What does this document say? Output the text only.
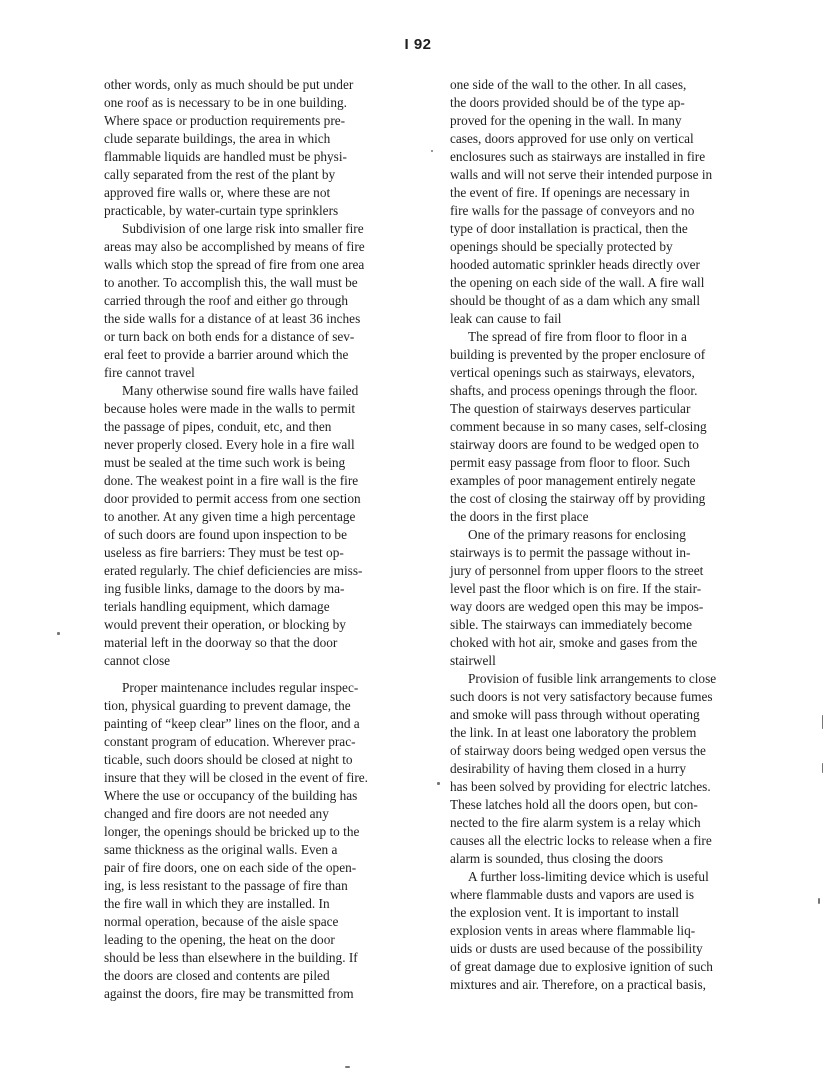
I 92
other words, only as much should be put under
one roof as is necessary to be in one building.
Where space or production requirements pre-
clude separate buildings, the area in which
flammable liquids are handled must be physi-
cally separated from the rest of the plant by
approved fire walls or, where these are not
practicable, by water-curtain type sprinklers
Subdivision of one large risk into smaller fire
areas may also be accomplished by means of fire
walls which stop the spread of fire from one area
to another. To accomplish this, the wall must be
carried through the roof and either go through
the side walls for a distance of at least 36 inches
or turn back on both ends for a distance of sev-
eral feet to provide a barrier around which the
fire cannot travel
Many otherwise sound fire walls have failed
because holes were made in the walls to permit
the passage of pipes, conduit, etc, and then
never properly closed. Every hole in a fire wall
must be sealed at the time such work is being
done. The weakest point in a fire wall is the fire
door provided to permit access from one section
to another. At any given time a high percentage
of such doors are found upon inspection to be
useless as fire barriers: They must be test op-
erated regularly. The chief deficiencies are miss-
ing fusible links, damage to the doors by ma-
terials handling equipment, which damage
would prevent their operation, or blocking by
material left in the doorway so that the door
cannot close
Proper maintenance includes regular inspec-
tion, physical guarding to prevent damage, the
painting of “keep clear” lines on the floor, and a
constant program of education. Wherever prac-
ticable, such doors should be closed at night to
insure that they will be closed in the event of fire.
Where the use or occupancy of the building has
changed and fire doors are not needed any
longer, the openings should be bricked up to the
same thickness as the original walls. Even a
pair of fire doors, one on each side of the open-
ing, is less resistant to the passage of fire than
the fire wall in which they are installed. In
normal operation, because of the aisle space
leading to the opening, the heat on the door
should be less than elsewhere in the building. If
the doors are closed and contents are piled
against the doors, fire may be transmitted from
one side of the wall to the other. In all cases,
the doors provided should be of the type ap-
proved for the opening in the wall. In many
cases, doors approved for use only on vertical
enclosures such as stairways are installed in fire
walls and will not serve their intended purpose in
the event of fire. If openings are necessary in
fire walls for the passage of conveyors and no
type of door installation is practical, then the
openings should be specially protected by
hooded automatic sprinkler heads directly over
the opening on each side of the wall. A fire wall
should be thought of as a dam which any small
leak can cause to fail
The spread of fire from floor to floor in a
building is prevented by the proper enclosure of
vertical openings such as stairways, elevators,
shafts, and process openings through the floor.
The question of stairways deserves particular
comment because in so many cases, self-closing
stairway doors are found to be wedged open to
permit easy passage from floor to floor. Such
examples of poor management entirely negate
the cost of closing the stairway off by providing
the doors in the first place
One of the primary reasons for enclosing
stairways is to permit the passage without in-
jury of personnel from upper floors to the street
level past the floor which is on fire. If the stair-
way doors are wedged open this may be impos-
sible. The stairways can immediately become
choked with hot air, smoke and gases from the
stairwell
Provision of fusible link arrangements to close
such doors is not very satisfactory because fumes
and smoke will pass through without operating
the link. In at least one laboratory the problem
of stairway doors being wedged open versus the
desirability of having them closed in a hurry
has been solved by providing for electric latches.
These latches hold all the doors open, but con-
nected to the fire alarm system is a relay which
causes all the electric locks to release when a fire
alarm is sounded, thus closing the doors
A further loss-limiting device which is useful
where flammable dusts and vapors are used is
the explosion vent. It is important to install
explosion vents in areas where flammable liq-
uids or dusts are used because of the possibility
of great damage due to explosive ignition of such
mixtures and air. Therefore, on a practical basis,
